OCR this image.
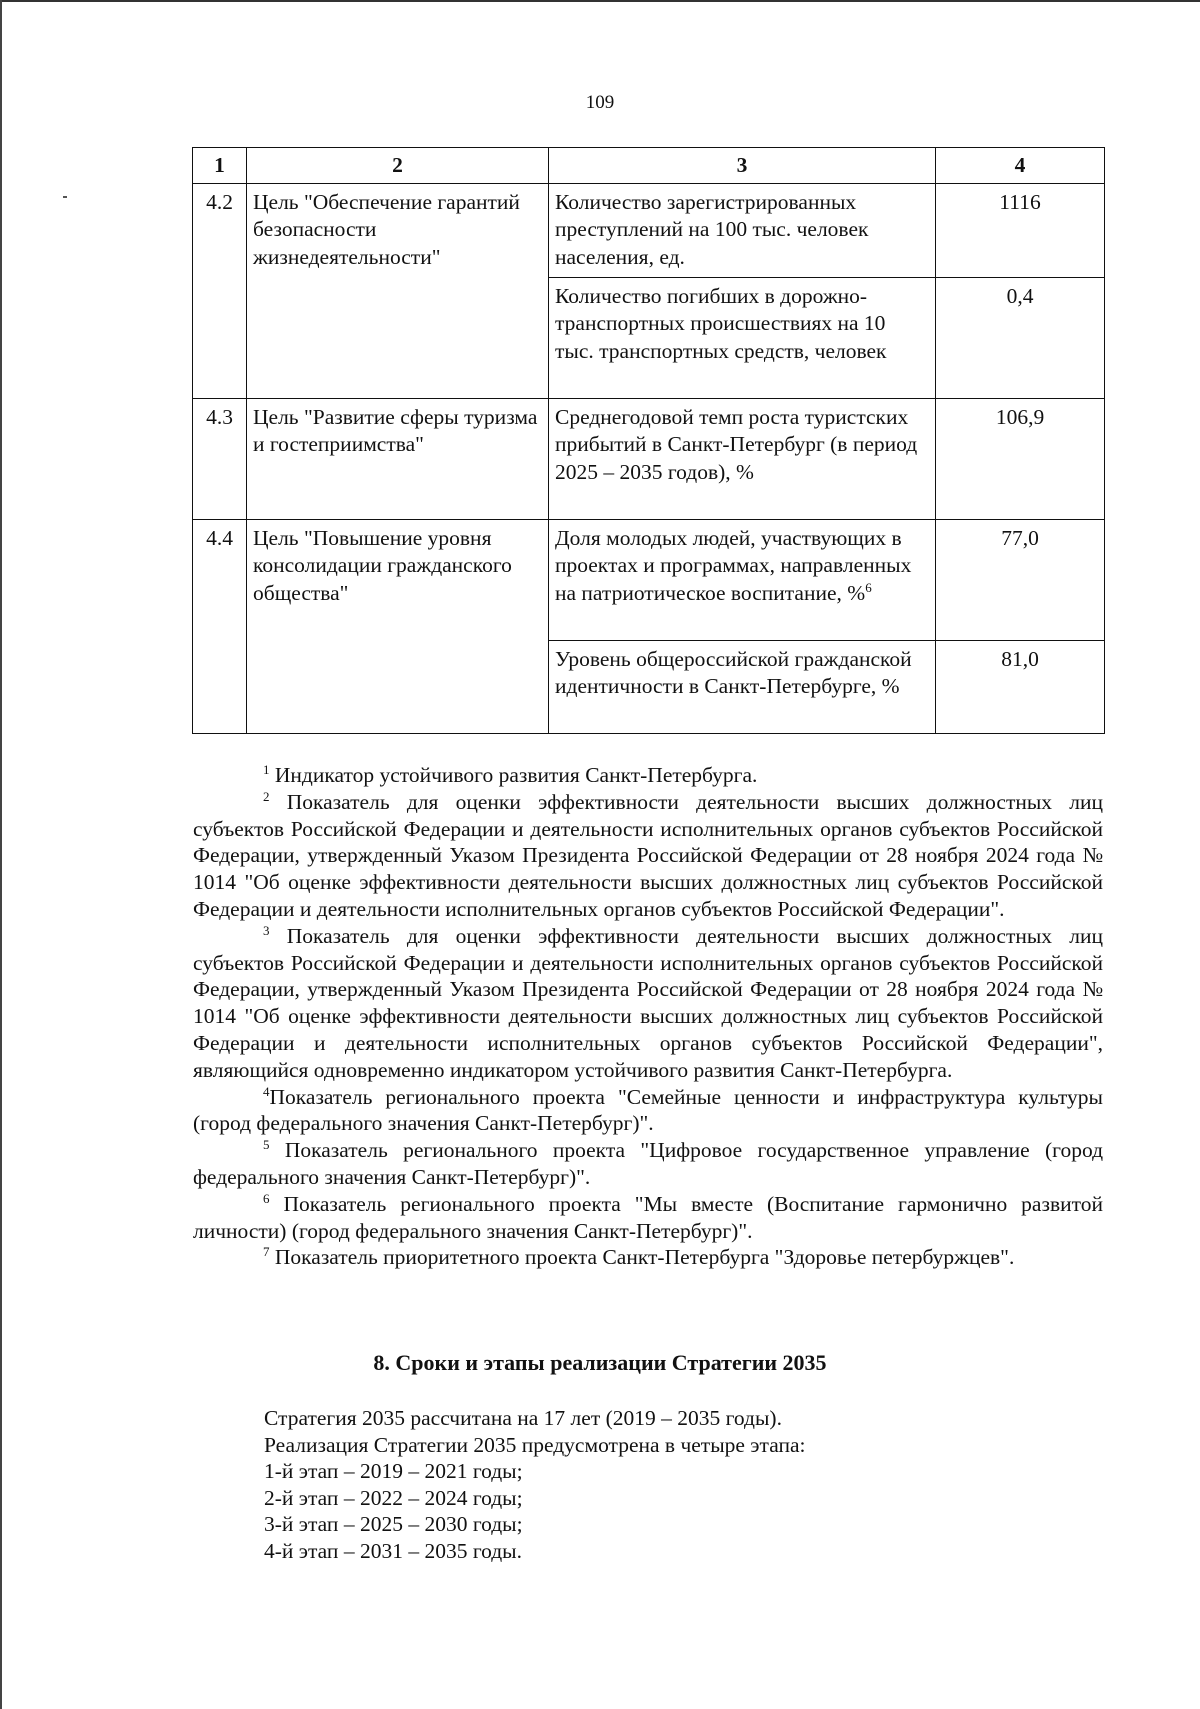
109
1	2	3	4
4.2	Цель "Обеспечение гарантий безопасности жизнедеятельности"	Количество зарегистрированных преступлений на 100 тыс. человек населения, ед.	1116
		Количество погибших в дорожно-транспортных происшествиях на 10 тыс. транспортных средств, человек	0,4
4.3	Цель "Развитие сферы туризма и гостеприимства"	Среднегодовой темп роста туристских прибытий в Санкт-Петербург (в период 2025 – 2035 годов), %	106,9
4.4	Цель "Повышение уровня консолидации гражданского общества"	Доля молодых людей, участвующих в проектах и программах, направленных на патриотическое воспитание, %$^6$	77,0
		Уровень общероссийской гражданской идентичности в Санкт-Петербурге, %	81,0

$^1$ Индикатор устойчивого развития Санкт-Петербурга.

$^2$ Показатель для оценки эффективности деятельности высших должностных лиц субъектов Российской Федерации и деятельности исполнительных органов субъектов Российской Федерации, утвержденный Указом Президента Российской Федерации от 28 ноября 2024 года № 1014 "Об оценке эффективности деятельности высших должностных лиц субъектов Российской Федерации и деятельности исполнительных органов субъектов Российской Федерации".

$^3$ Показатель для оценки эффективности деятельности высших должностных лиц субъектов Российской Федерации и деятельности исполнительных органов субъектов Российской Федерации, утвержденный Указом Президента Российской Федерации от 28 ноября 2024 года № 1014 "Об оценке эффективности деятельности высших должностных лиц субъектов Российской Федерации и деятельности исполнительных органов субъектов Российской Федерации", являющийся одновременно индикатором устойчивого развития Санкт-Петербурга.

$^4$Показатель регионального проекта "Семейные ценности и инфраструктура культуры (город федерального значения Санкт-Петербург)".

$^5$ Показатель регионального проекта "Цифровое государственное управление (город федерального значения Санкт-Петербург)".

$^6$ Показатель регионального проекта "Мы вместе (Воспитание гармонично развитой личности) (город федерального значения Санкт-Петербург)".

$^7$ Показатель приоритетного проекта Санкт-Петербурга "Здоровье петербуржцев".

8. Сроки и этапы реализации Стратегии 2035
Стратегия 2035 рассчитана на 17 лет (2019 – 2035 годы).
Реализация Стратегии 2035 предусмотрена в четыре этапа:
1-й этап – 2019 – 2021 годы;
2-й этап – 2022 – 2024 годы;
3-й этап – 2025 – 2030 годы;
4-й этап – 2031 – 2035 годы.
